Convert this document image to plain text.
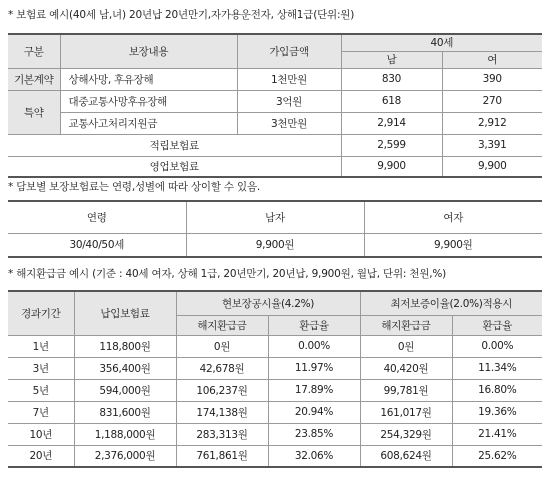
* 보험료 예시(40세 남,녀) 20년납 20년만기,자가용운전자, 상해1급(단위:원)
구분	보장내용	가입금액	40세	
			남	여
기본계약	상해사망, 후유장해	1천만원	830	390
특약	대중교통사망후유장해	3억원	618	270
	교통사고처리지원금	3천만원	2,914	2,912
적립보험료			2,599	3,391
영업보험료			9,900	9,900
* 담보별 보장보험료는 연령,성별에 따라 상이할 수 있음.
연령	남자	여자
30/40/50세	9,900원	9,900원
* 해지환급금 예시 (기준 : 40세 여자, 상해 1급, 20년만기, 20년납, 9,900원, 월납, 단위: 천원,%)
경과기간	납입보험료	현보장공시율(4.2%)		최저보증이율(2.0%)적용시	
		해지환급금	환급율	해지환급금	환급율
1년	118,800원	0원	0.00%	0원	0.00%
3년	356,400원	42,678원	11.97%	40,420원	11.34%
5년	594,000원	106,237원	17.89%	99,781원	16.80%
7년	831,600원	174,138원	20.94%	161,017원	19.36%
10년	1,188,000원	283,313원	23.85%	254,329원	21.41%
20년	2,376,000원	761,861원	32.06%	608,624원	25.62%
